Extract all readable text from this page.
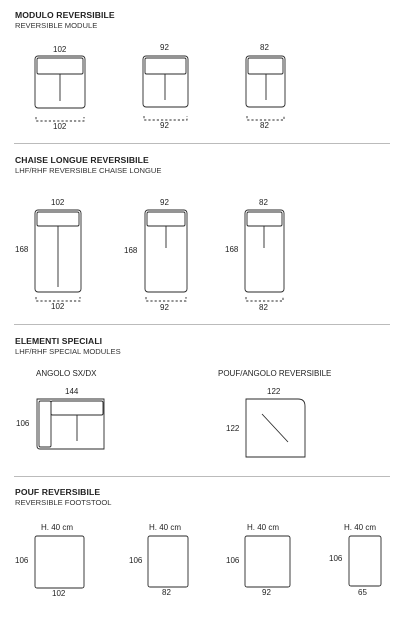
MODULO REVERSIBILE
REVERSIBLE MODULE
CHAISE LONGUE REVERSIBILE
LHF/RHF REVERSIBLE CHAISE LONGUE
ELEMENTI SPECIALI
LHF/RHF SPECIAL MODULES
POUF REVERSIBILE
REVERSIBLE FOOTSTOOL
102
102
92
92
82
82
102
168
102
92
168
92
82
168
82
ANGOLO SX/DX
144
106
POUF/ANGOLO REVERSIBILE
122
122
H. 40 cm
106
102
H. 40 cm
106
82
H. 40 cm
106
92
H. 40 cm
106
65
